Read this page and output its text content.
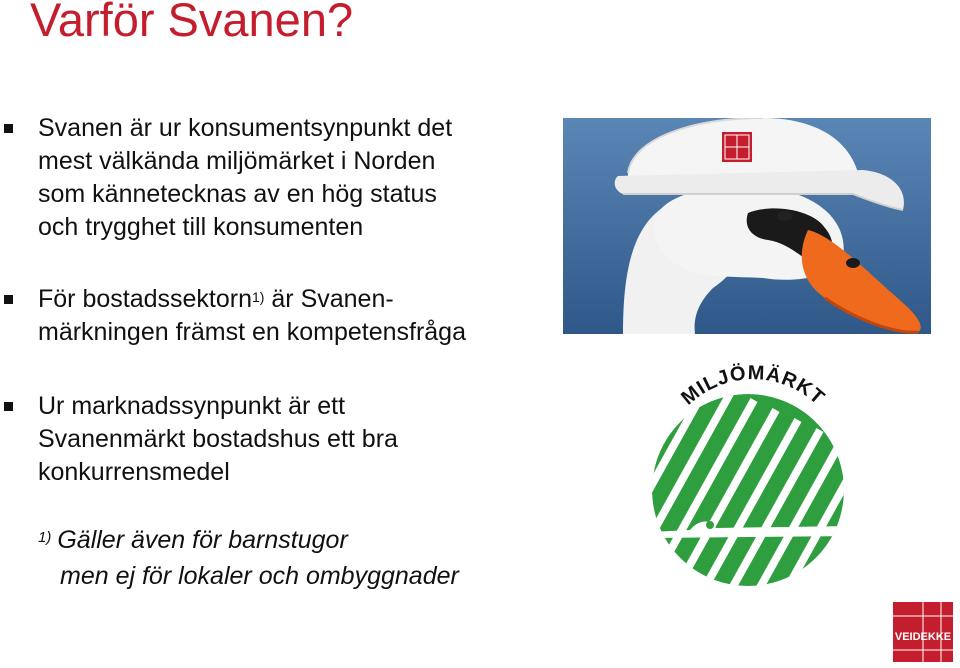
Varför Svanen?
Svanen är ur konsumentsynpunkt det
mest välkända miljömärket i Norden
som kännetecknas av en hög status
och trygghet till konsumenten
För bostadssektorn$^{1)}$ är Svanen-
märkningen främst en kompetensfråga
Ur marknadssynpunkt är ett
Svanenmärkt bostadshus ett bra
konkurrensmedel
$^{1)}$ Gäller även för barnstugor
men ej för lokaler och ombyggnader
MILJÖMÄRKT
VEIDEKKE
